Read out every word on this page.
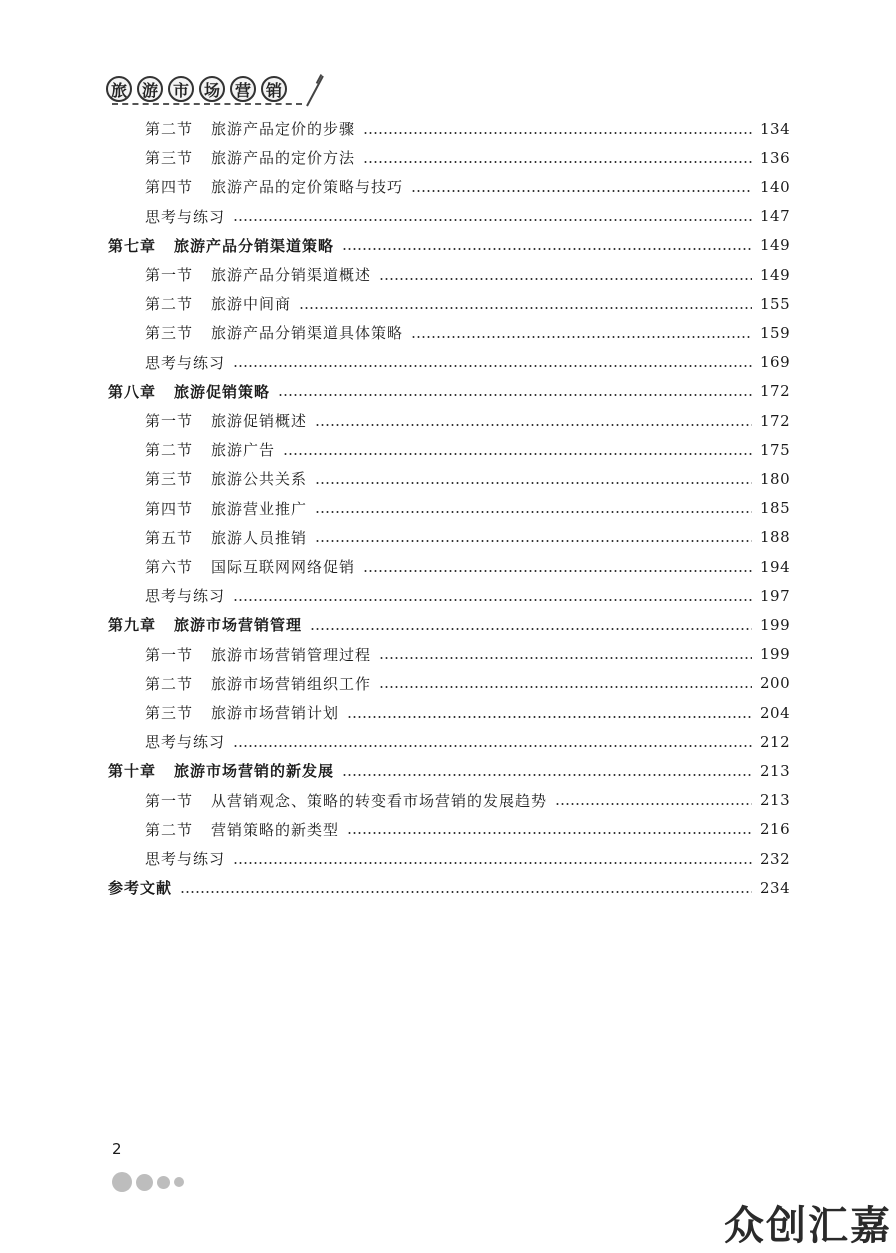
旅 游 市 场 营 销
第二节 旅游产品定价的步骤	134
第三节 旅游产品的定价方法	136
第四节 旅游产品的定价策略与技巧	140
思考与练习	147
第七章 旅游产品分销渠道策略	149
第一节 旅游产品分销渠道概述	149
第二节 旅游中间商	155
第三节 旅游产品分销渠道具体策略	159
思考与练习	169
第八章 旅游促销策略	172
第一节 旅游促销概述	172
第二节 旅游广告	175
第三节 旅游公共关系	180
第四节 旅游营业推广	185
第五节 旅游人员推销	188
第六节 国际互联网网络促销	194
思考与练习	197
第九章 旅游市场营销管理	199
第一节 旅游市场营销管理过程	199
第二节 旅游市场营销组织工作	200
第三节 旅游市场营销计划	204
思考与练习	212
第十章 旅游市场营销的新发展	213
第一节 从营销观念、策略的转变看市场营销的发展趋势	213
第二节 营销策略的新类型	216
思考与练习	232
参考文献	234
2
众创汇嘉
